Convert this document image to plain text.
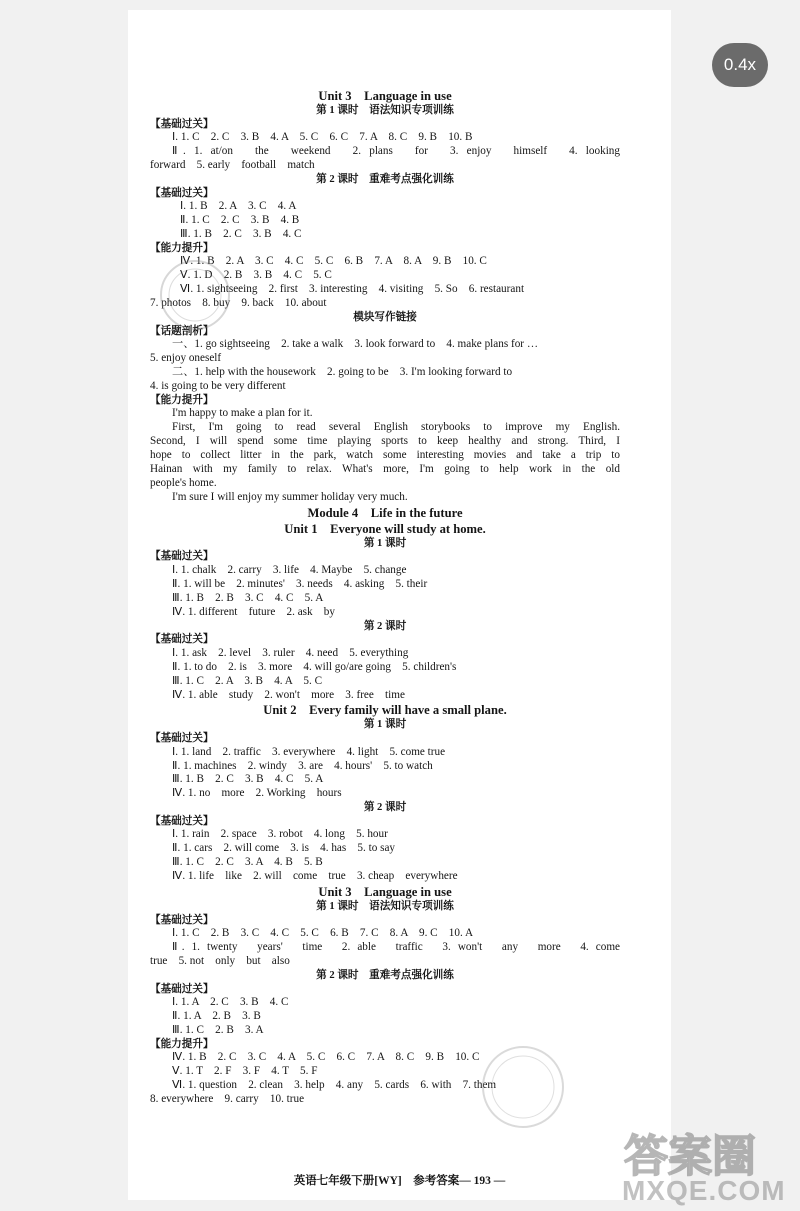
Unit 3　Language in use
第 1 课时　语法知识专项训练
【基础过关】
Ⅰ. 1. C　2. C　3. B　4. A　5. C　6. C　7. A　8. C　9. B　10. B
Ⅱ. 1. at/on　the　weekend　2. plans　for　3. enjoy　himself　4. looking
forward　5. early　football　match
第 2 课时　重难考点强化训练
【基础过关】
Ⅰ. 1. B　2. A　3. C　4. A
Ⅱ. 1. C　2. C　3. B　4. B
Ⅲ. 1. B　2. C　3. B　4. C
【能力提升】
Ⅳ. 1. B　2. A　3. C　4. C　5. C　6. B　7. A　8. A　9. B　10. C
Ⅴ. 1. D　2. B　3. B　4. C　5. C
Ⅵ. 1. sightseeing　2. first　3. interesting　4. visiting　5. So　6. restaurant
7. photos　8. buy　9. back　10. about
模块写作链接
【话题剖析】
一、1. go sightseeing　2. take a walk　3. look forward to　4. make plans for …
5. enjoy oneself
二、1. help with the housework　2. going to be　3. I'm looking forward to
4. is going to be very different
【能力提升】
I'm happy to make a plan for it.
First, I'm going to read several English storybooks to improve my English.
Second, I will spend some time playing sports to keep healthy and strong. Third, I
hope to collect litter in the park, watch some interesting movies and take a trip to
Hainan with my family to relax. What's more, I'm going to help work in the old
people's home.
I'm sure I will enjoy my summer holiday very much.
Module 4　Life in the future
Unit 1　Everyone will study at home.
第 1 课时
【基础过关】
Ⅰ. 1. chalk　2. carry　3. life　4. Maybe　5. change
Ⅱ. 1. will be　2. minutes'　3. needs　4. asking　5. their
Ⅲ. 1. B　2. B　3. C　4. C　5. A
Ⅳ. 1. different　future　2. ask　by
第 2 课时
【基础过关】
Ⅰ. 1. ask　2. level　3. ruler　4. need　5. everything
Ⅱ. 1. to do　2. is　3. more　4. will go/are going　5. children's
Ⅲ. 1. C　2. A　3. B　4. A　5. C
Ⅳ. 1. able　study　2. won't　more　3. free　time
Unit 2　Every family will have a small plane.
第 1 课时
【基础过关】
Ⅰ. 1. land　2. traffic　3. everywhere　4. light　5. come true
Ⅱ. 1. machines　2. windy　3. are　4. hours'　5. to watch
Ⅲ. 1. B　2. C　3. B　4. C　5. A
Ⅳ. 1. no　more　2. Working　hours
第 2 课时
【基础过关】
Ⅰ. 1. rain　2. space　3. robot　4. long　5. hour
Ⅱ. 1. cars　2. will come　3. is　4. has　5. to say
Ⅲ. 1. C　2. C　3. A　4. B　5. B
Ⅳ. 1. life　like　2. will　come　true　3. cheap　everywhere
Unit 3　Language in use
第 1 课时　语法知识专项训练
【基础过关】
Ⅰ. 1. C　2. B　3. C　4. C　5. C　6. B　7. C　8. A　9. C　10. A
Ⅱ. 1. twenty　years'　time　2. able　traffic　3. won't　any　more　4. come
true　5. not　only　but　also
第 2 课时　重难考点强化训练
【基础过关】
Ⅰ. 1. A　2. C　3. B　4. C
Ⅱ. 1. A　2. B　3. B
Ⅲ. 1. C　2. B　3. A
【能力提升】
Ⅳ. 1. B　2. C　3. C　4. A　5. C　6. C　7. A　8. C　9. B　10. C
Ⅴ. 1. T　2. F　3. F　4. T　5. F
Ⅵ. 1. question　2. clean　3. help　4. any　5. cards　6. with　7. them
8. everywhere　9. carry　10. true
英语七年级下册[WY]　参考答案— 193 —	答案圈
MXQE.COM
0.4x
